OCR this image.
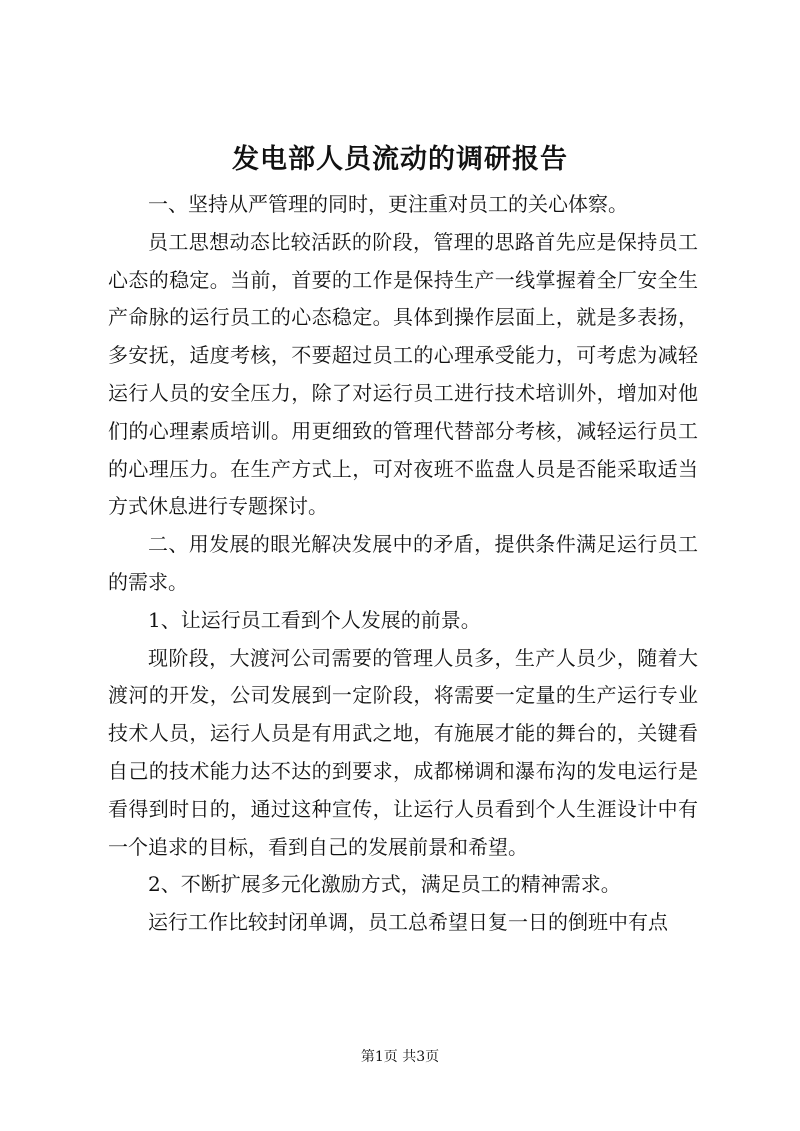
发电部人员流动的调研报告

一、坚持从严管理的同时，更注重对员工的关心体察。

员工思想动态比较活跃的阶段，管理的思路首先应是保持员工心态的稳定。当前，首要的工作是保持生产一线掌握着全厂安全生产命脉的运行员工的心态稳定。具体到操作层面上，就是多表扬，多安抚，适度考核，不要超过员工的心理承受能力，可考虑为减轻运行人员的安全压力，除了对运行员工进行技术培训外，增加对他们的心理素质培训。用更细致的管理代替部分考核，减轻运行员工的心理压力。在生产方式上，可对夜班不监盘人员是否能采取适当方式休息进行专题探讨。

二、用发展的眼光解决发展中的矛盾，提供条件满足运行员工的需求。

1、让运行员工看到个人发展的前景。

现阶段，大渡河公司需要的管理人员多，生产人员少，随着大渡河的开发，公司发展到一定阶段，将需要一定量的生产运行专业技术人员，运行人员是有用武之地，有施展才能的舞台的，关键看自己的技术能力达不达的到要求，成都梯调和瀑布沟的发电运行是看得到时日的，通过这种宣传，让运行人员看到个人生涯设计中有一个追求的目标，看到自己的发展前景和希望。

2、不断扩展多元化激励方式，满足员工的精神需求。

运行工作比较封闭单调，员工总希望日复一日的倒班中有点

第1页 共3页
